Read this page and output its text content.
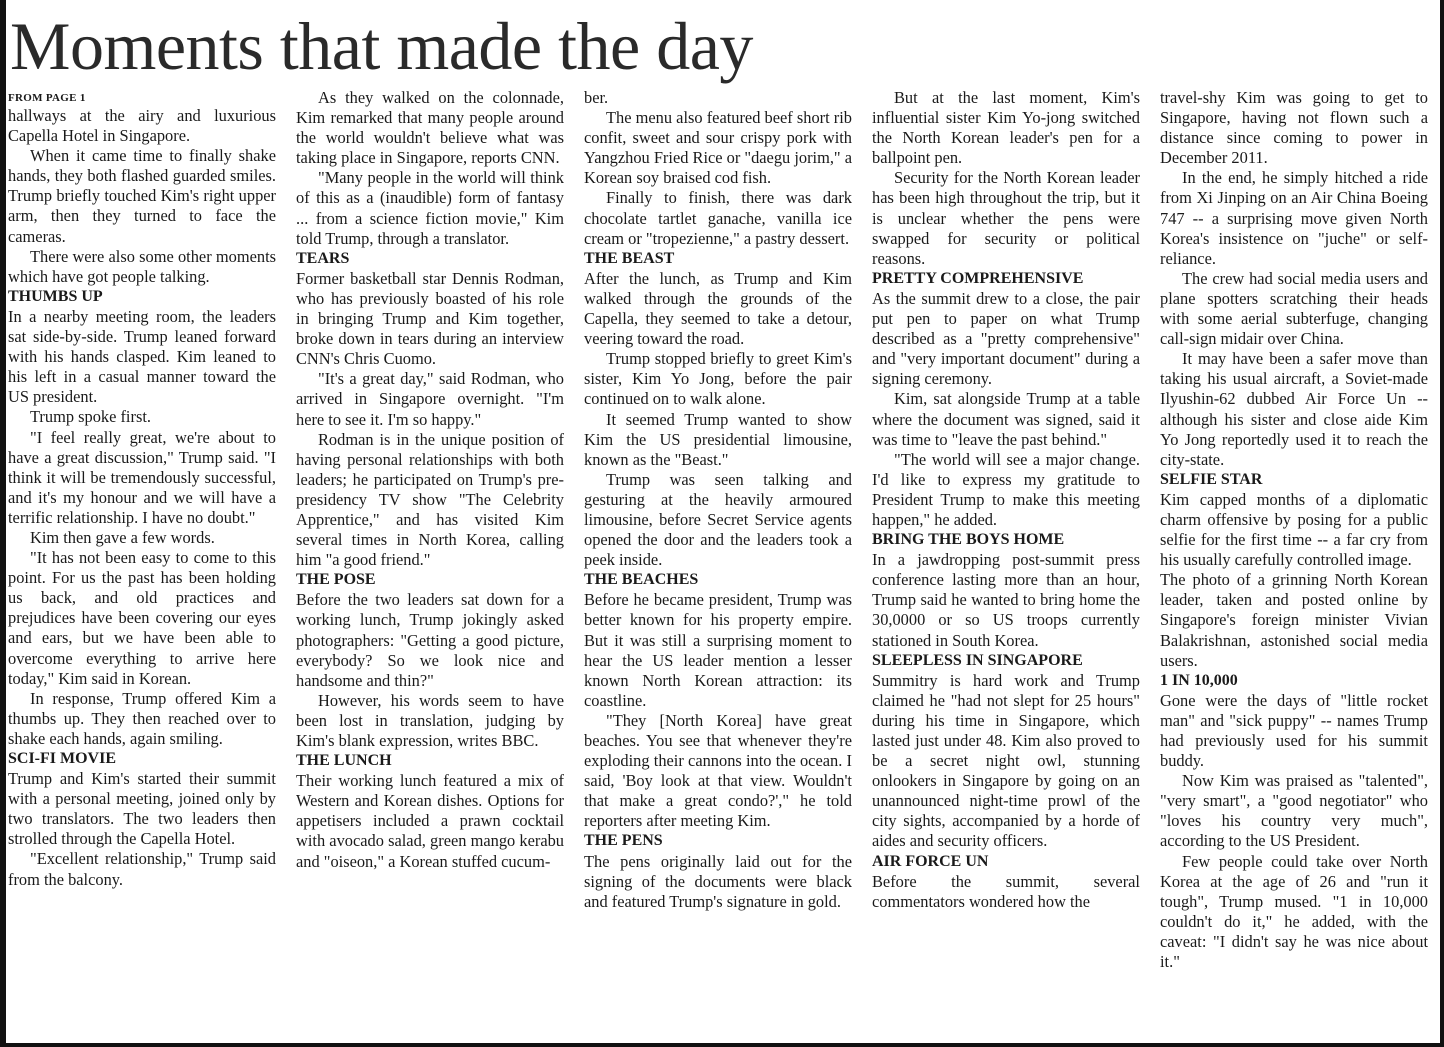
Moments that made the day
FROM PAGE 1

hallways at the airy and luxurious Capella Hotel in Singapore.

When it came time to finally shake hands, they both flashed guarded smiles. Trump briefly touched Kim's right upper arm, then they turned to face the cameras.

There were also some other moments which have got people talking.

THUMBS UP

In a nearby meeting room, the leaders sat side-by-side. Trump leaned forward with his hands clasped. Kim leaned to his left in a casual manner toward the US president.

Trump spoke first.

"I feel really great, we're about to have a great discussion," Trump said. "I think it will be tremendously successful, and it's my honour and we will have a terrific relationship. I have no doubt."

Kim then gave a few words.

"It has not been easy to come to this point. For us the past has been holding us back, and old practices and prejudices have been covering our eyes and ears, but we have been able to overcome everything to arrive here today," Kim said in Korean.

In response, Trump offered Kim a thumbs up. They then reached over to shake each hands, again smiling.

SCI-FI MOVIE

Trump and Kim's started their summit with a personal meeting, joined only by two translators. The two leaders then strolled through the Capella Hotel.

"Excellent relationship," Trump said from the balcony.

As they walked on the colonnade, Kim remarked that many people around the world wouldn't believe what was taking place in Singapore, reports CNN.

"Many people in the world will think of this as a (inaudible) form of fantasy ... from a science fiction movie," Kim told Trump, through a translator.

TEARS

Former basketball star Dennis Rodman, who has previously boasted of his role in bringing Trump and Kim together, broke down in tears during an interview CNN's Chris Cuomo.

"It's a great day," said Rodman, who arrived in Singapore overnight. "I'm here to see it. I'm so happy."

Rodman is in the unique position of having personal relationships with both leaders; he participated on Trump's pre-presidency TV show "The Celebrity Apprentice," and has visited Kim several times in North Korea, calling him "a good friend."

THE POSE

Before the two leaders sat down for a working lunch, Trump jokingly asked photographers: "Getting a good picture, everybody? So we look nice and handsome and thin?"

However, his words seem to have been lost in translation, judging by Kim's blank expression, writes BBC.

THE LUNCH

Their working lunch featured a mix of Western and Korean dishes. Options for appetisers included a prawn cocktail with avocado salad, green mango kerabu and "oiseon," a Korean stuffed cucum-

ber.

The menu also featured beef short rib confit, sweet and sour crispy pork with Yangzhou Fried Rice or "daegu jorim," a Korean soy braised cod fish.

Finally to finish, there was dark chocolate tartlet ganache, vanilla ice cream or "tropezienne," a pastry dessert.

THE BEAST

After the lunch, as Trump and Kim walked through the grounds of the Capella, they seemed to take a detour, veering toward the road.

Trump stopped briefly to greet Kim's sister, Kim Yo Jong, before the pair continued on to walk alone.

It seemed Trump wanted to show Kim the US presidential limousine, known as the "Beast."

Trump was seen talking and gesturing at the heavily armoured limousine, before Secret Service agents opened the door and the leaders took a peek inside.

THE BEACHES

Before he became president, Trump was better known for his property empire. But it was still a surprising moment to hear the US leader mention a lesser known North Korean attraction: its coastline.

"They [North Korea] have great beaches. You see that whenever they're exploding their cannons into the ocean. I said, 'Boy look at that view. Wouldn't that make a great condo?'," he told reporters after meeting Kim.

THE PENS

The pens originally laid out for the signing of the documents were black and featured Trump's signature in gold.

But at the last moment, Kim's influential sister Kim Yo-jong switched the North Korean leader's pen for a ballpoint pen.

Security for the North Korean leader has been high throughout the trip, but it is unclear whether the pens were swapped for security or political reasons.

PRETTY COMPREHENSIVE

As the summit drew to a close, the pair put pen to paper on what Trump described as a "pretty comprehensive" and "very important document" during a signing ceremony.

Kim, sat alongside Trump at a table where the document was signed, said it was time to "leave the past behind."

"The world will see a major change. I'd like to express my gratitude to President Trump to make this meeting happen," he added.

BRING THE BOYS HOME

In a jawdropping post-summit press conference lasting more than an hour, Trump said he wanted to bring home the 30,0000 or so US troops currently stationed in South Korea.

SLEEPLESS IN SINGAPORE

Summitry is hard work and Trump claimed he "had not slept for 25 hours" during his time in Singapore, which lasted just under 48. Kim also proved to be a secret night owl, stunning onlookers in Singapore by going on an unannounced night-time prowl of the city sights, accompanied by a horde of aides and security officers.

AIR FORCE UN

Before the summit, several commentators wondered how the

travel-shy Kim was going to get to Singapore, having not flown such a distance since coming to power in December 2011.

In the end, he simply hitched a ride from Xi Jinping on an Air China Boeing 747 -- a surprising move given North Korea's insistence on "juche" or self-reliance.

The crew had social media users and plane spotters scratching their heads with some aerial subterfuge, changing call-sign midair over China.

It may have been a safer move than taking his usual aircraft, a Soviet-made Ilyushin-62 dubbed Air Force Un -- although his sister and close aide Kim Yo Jong reportedly used it to reach the city-state.

SELFIE STAR

Kim capped months of a diplomatic charm offensive by posing for a public selfie for the first time -- a far cry from his usually carefully controlled image.

The photo of a grinning North Korean leader, taken and posted online by Singapore's foreign minister Vivian Balakrishnan, astonished social media users.

1 IN 10,000

Gone were the days of "little rocket man" and "sick puppy" -- names Trump had previously used for his summit buddy.

Now Kim was praised as "talented", "very smart", a "good negotiator" who "loves his country very much", according to the US President.

Few people could take over North Korea at the age of 26 and "run it tough", Trump mused. "1 in 10,000 couldn't do it," he added, with the caveat: "I didn't say he was nice about it."
